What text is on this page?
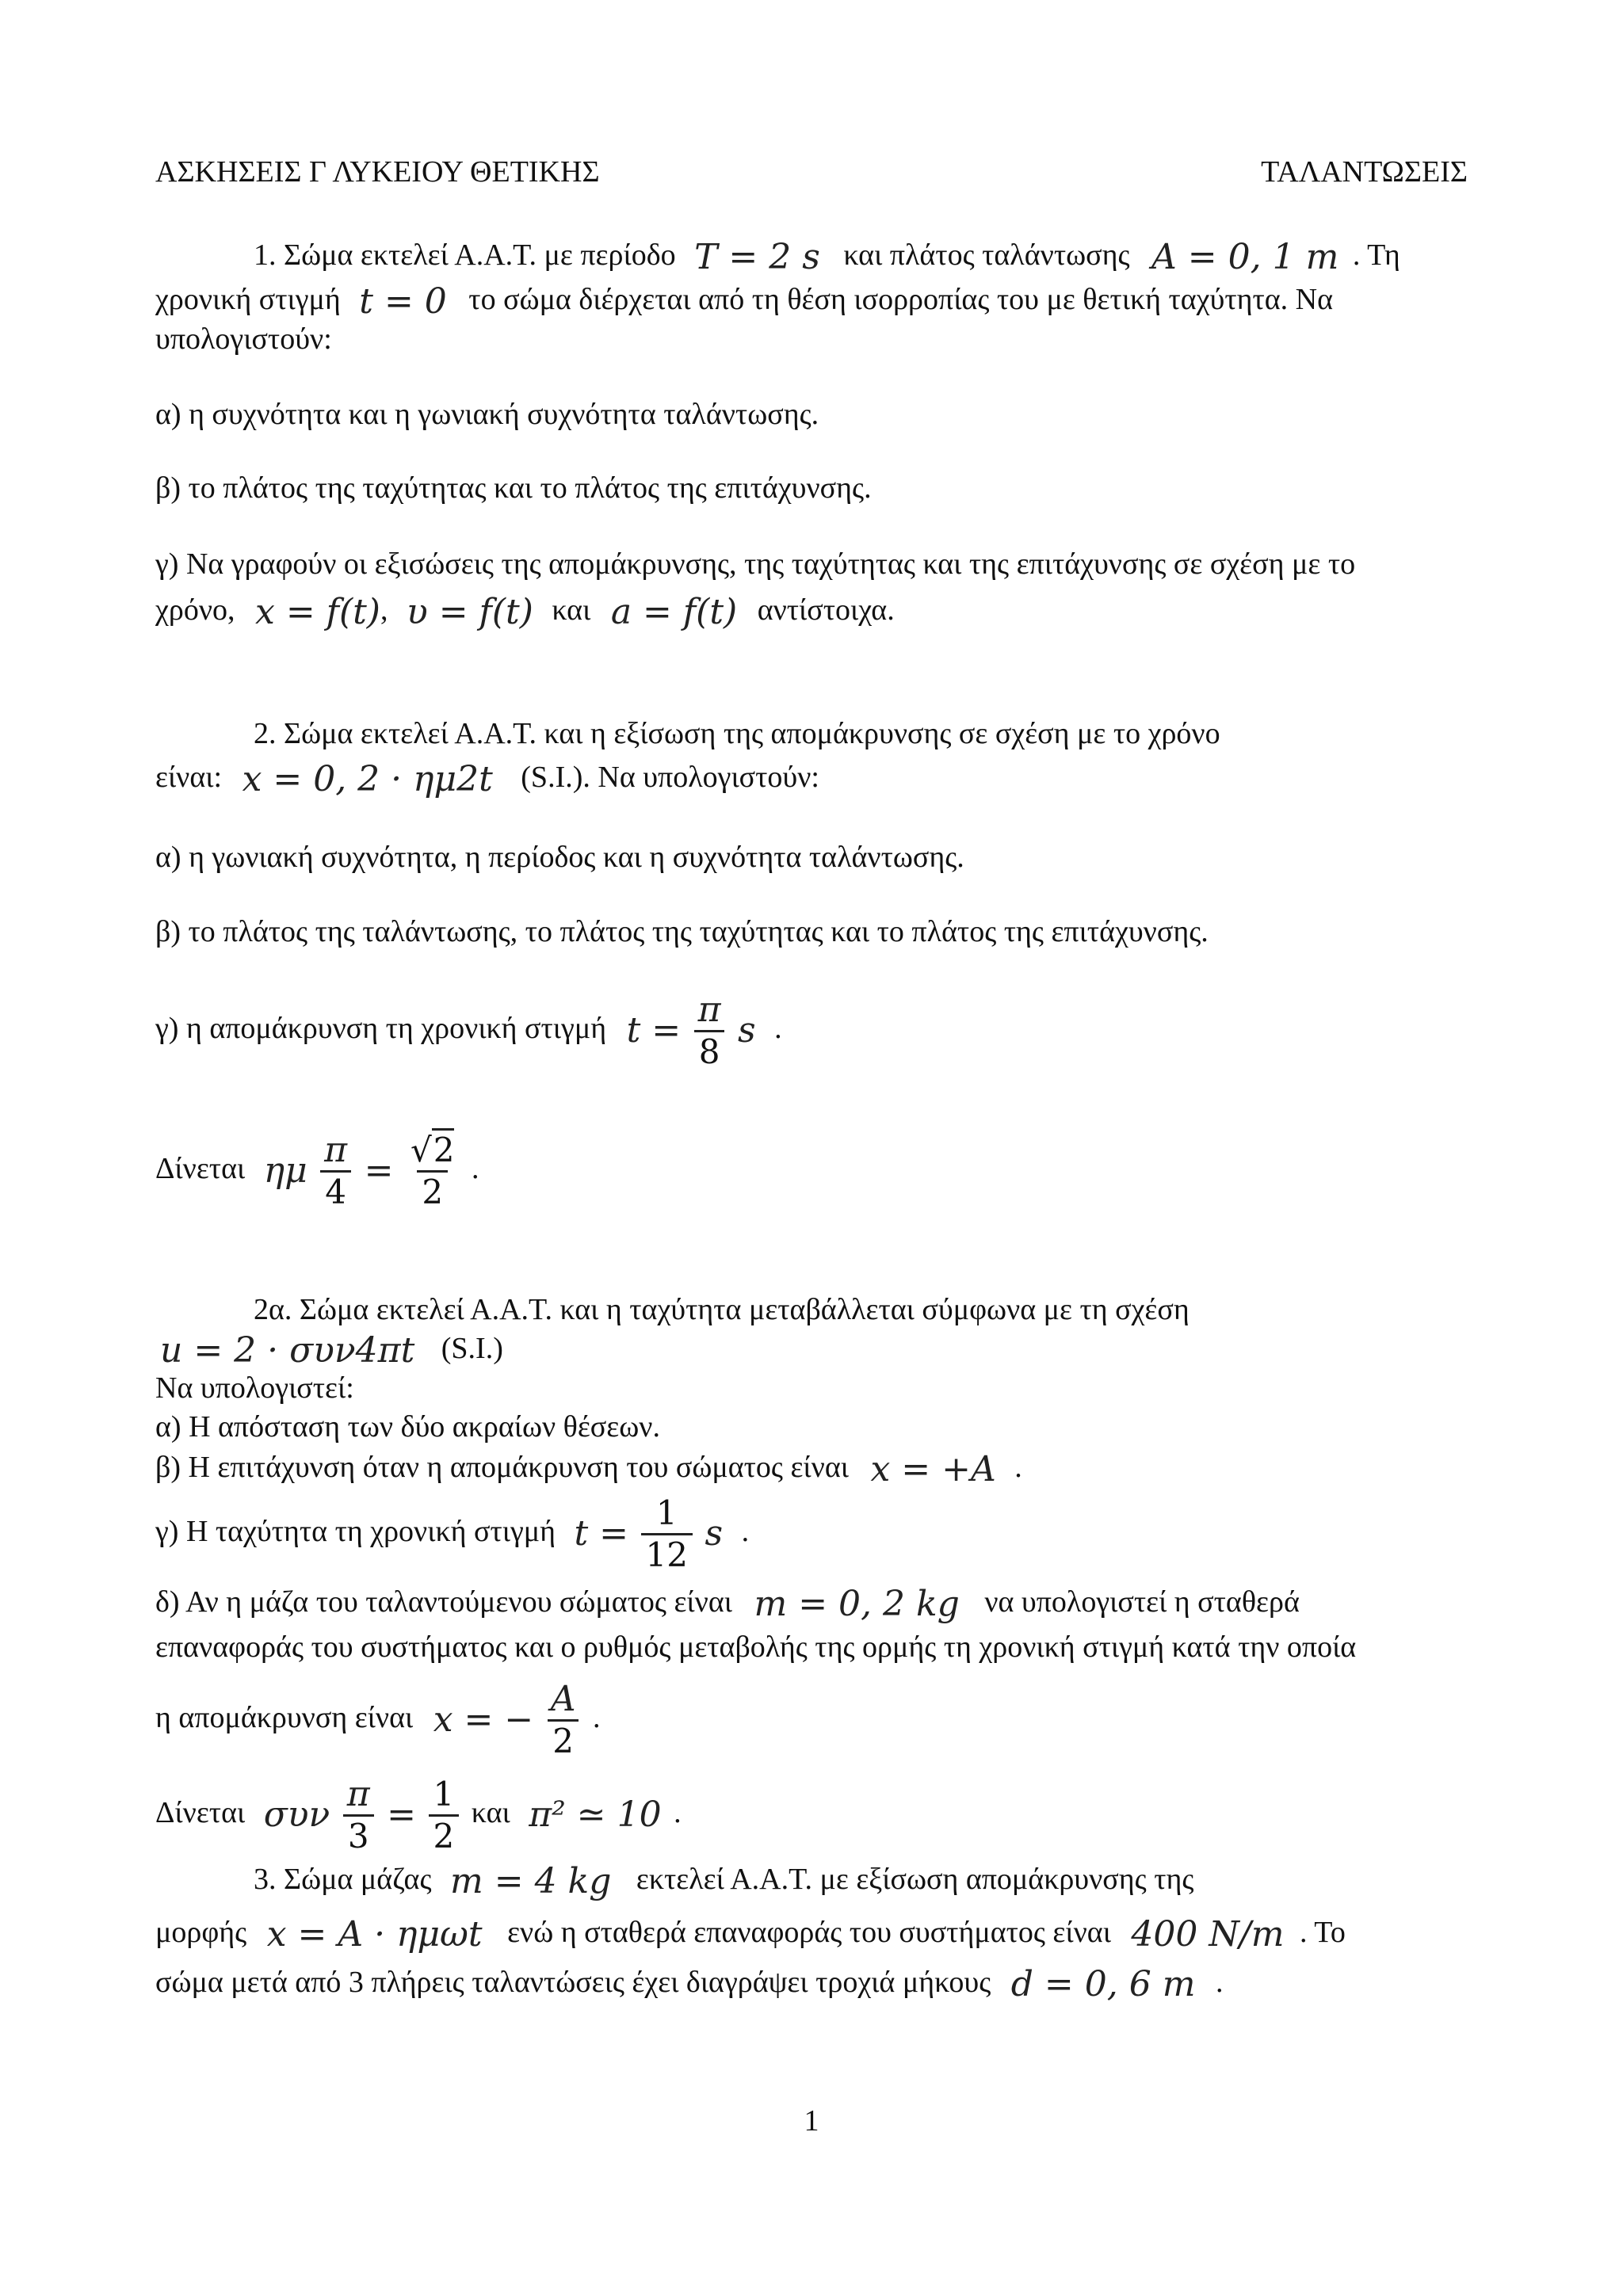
ΑΣΚΗΣΕΙΣ Γ ΛΥΚΕΙΟΥ ΘΕΤΙΚΗΣ	ΤΑΛΑΝΤΩΣΕΙΣ
1. Σώμα εκτελεί Α.Α.Τ. με περίοδο T = 2 s και πλάτος ταλάντωσης A = 0, 1 m . Τη
χρονική στιγμή t = 0 το σώμα διέρχεται από τη θέση ισορροπίας του με θετική ταχύτητα. Να
υπολογιστούν:
α) η συχνότητα και η γωνιακή συχνότητα ταλάντωσης.
β) το πλάτος της ταχύτητας και το πλάτος της επιτάχυνσης.
γ) Να γραφούν οι εξισώσεις της απομάκρυνσης, της ταχύτητας και της επιτάχυνσης σε σχέση με το
χρόνο, x = f(t), υ = f(t) και a = f(t) αντίστοιχα.
2. Σώμα εκτελεί Α.Α.Τ. και η εξίσωση της απομάκρυνσης σε σχέση με το χρόνο
είναι: x = 0, 2 · ημ2t (S.I.). Να υπολογιστούν:
α) η γωνιακή συχνότητα, η περίοδος και η συχνότητα ταλάντωσης.
β) το πλάτος της ταλάντωσης, το πλάτος της ταχύτητας και το πλάτος της επιτάχυνσης.
γ) η απομάκρυνση τη χρονική στιγμή $t = \frac{\pi}{8}$ s .
Δίνεται ημ $\frac{\pi}{4} = \frac{√2}{2}$ .
2α. Σώμα εκτελεί Α.Α.Τ. και η ταχύτητα μεταβάλλεται σύμφωνα με τη σχέση
u = 2 · συν4πt (S.I.)
Να υπολογιστεί:
α) Η απόσταση των δύο ακραίων θέσεων.
β) Η επιτάχυνση όταν η απομάκρυνση του σώματος είναι x = +A .
γ) Η ταχύτητα τη χρονική στιγμή $t = \frac{1}{12}$ s .
δ) Αν η μάζα του ταλαντούμενου σώματος είναι m = 0, 2 kg να υπολογιστεί η σταθερά
επαναφοράς του συστήματος και ο ρυθμός μεταβολής της ορμής τη χρονική στιγμή κατά την οποία
η απομάκρυνση είναι x = − $\frac{A}{2}$ .
Δίνεται συν $\frac{\pi}{3} = \frac{1}{2}$ και π² ≃ 10 .
3. Σώμα μάζας m = 4 kg εκτελεί Α.Α.Τ. με εξίσωση απομάκρυνσης της
μορφής x = A · ημωt ενώ η σταθερά επαναφοράς του συστήματος είναι 400 N/m . Το
σώμα μετά από 3 πλήρεις ταλαντώσεις έχει διαγράψει τροχιά μήκους d = 0, 6 m .
1
